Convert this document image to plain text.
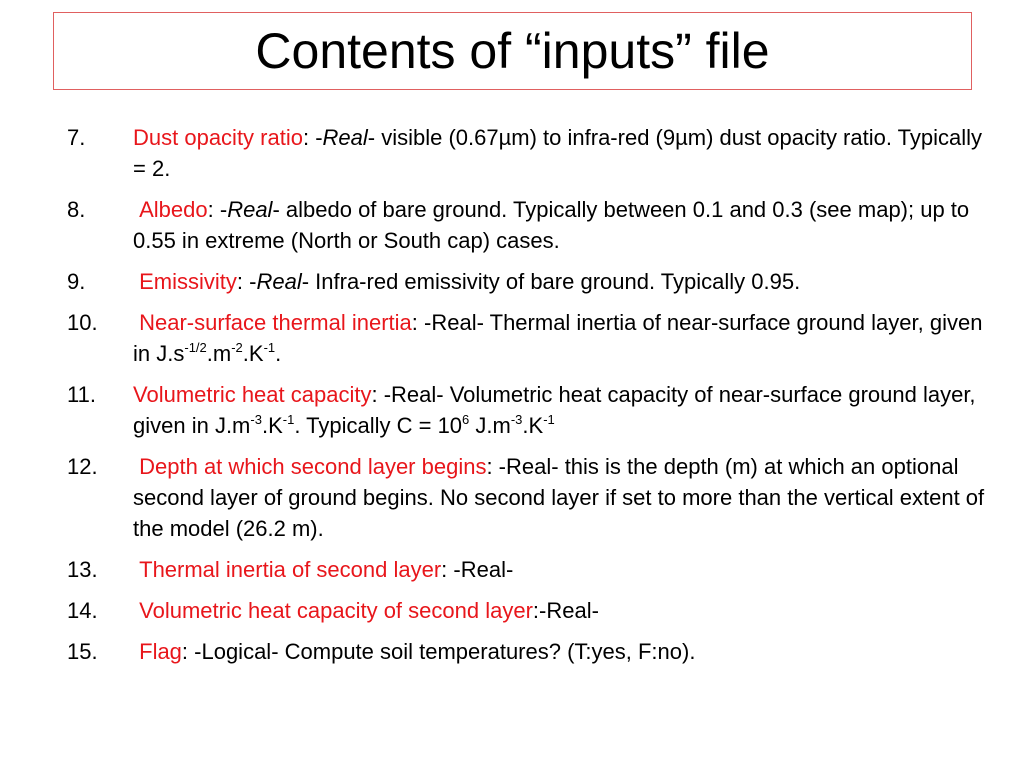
Contents of “inputs” file
7.	Dust opacity ratio: -Real- visible (0.67µm) to infra-red (9µm) dust opacity ratio. Typically = 2.
8.	Albedo: -Real- albedo of bare ground. Typically between 0.1 and 0.3 (see map); up to 0.55 in extreme (North or South cap) cases.
9.	Emissivity: -Real- Infra-red emissivity of bare ground. Typically 0.95.
10.	Near-surface thermal inertia: -Real- Thermal inertia of near-surface ground layer, given in $J.s^{-1/2}.m^{-2}.K^{-1}$.
11.	Volumetric heat capacity: -Real- Volumetric heat capacity of near-surface ground layer, given in $J.m^{-3}.K^{-1}$. Typically $C = 10^6$ $J.m^{-3}.K^{-1}$
12.	Depth at which second layer begins: -Real- this is the depth (m) at which an optional second layer of ground begins. No second layer if set to more than the vertical extent of the model (26.2 m).
13.	Thermal inertia of second layer: -Real-
14.	Volumetric heat capacity of second layer:-Real-
15.	Flag: -Logical- Compute soil temperatures? (T:yes, F:no).
